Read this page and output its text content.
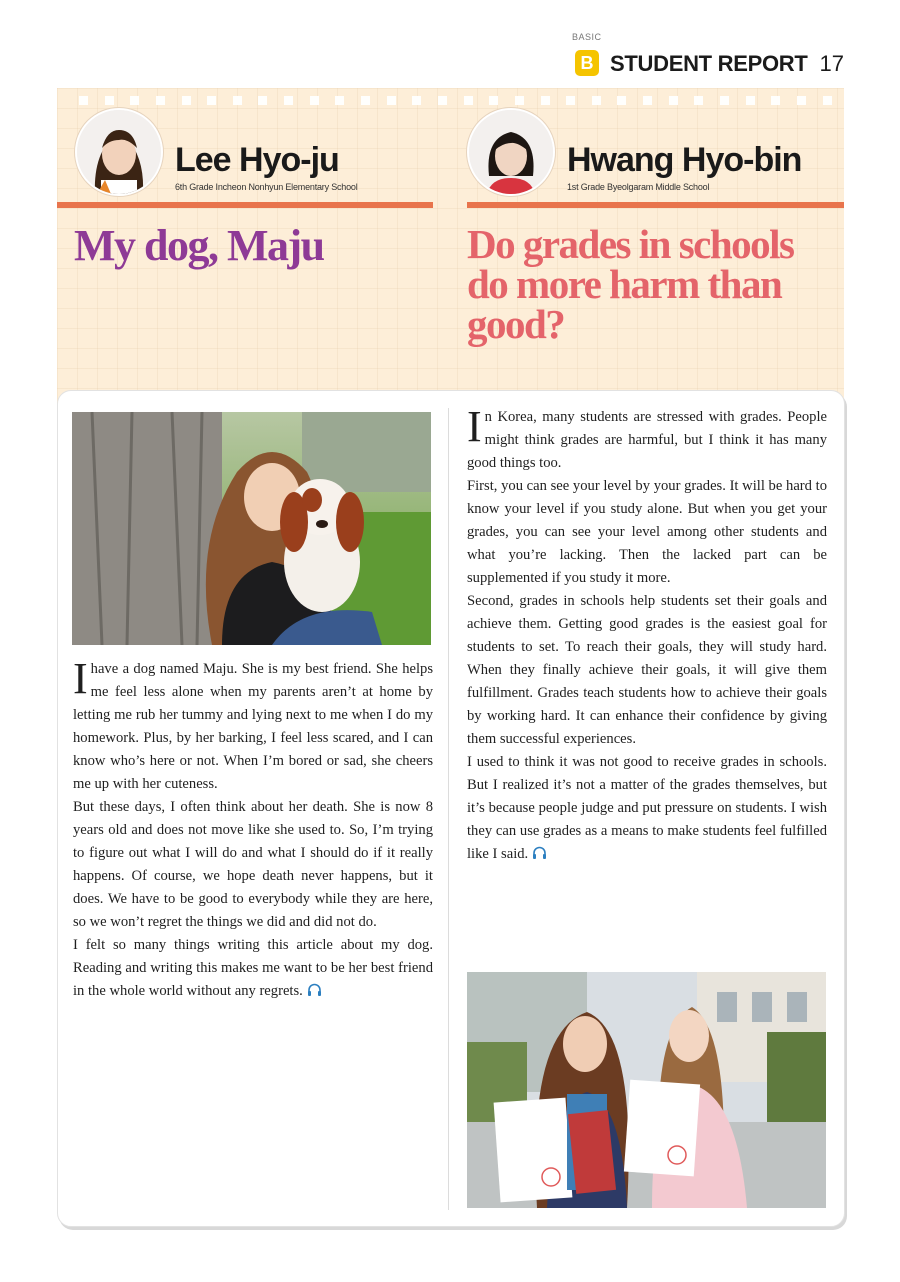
BASIC
B STUDENT REPORT 17
Lee Hyo-ju
6th Grade Incheon Nonhyun Elementary School
Hwang Hyo-bin
1st Grade Byeolgaram Middle School
My dog, Maju	Do grades in schools do more harm than good?

I have a dog named Maju. She is my best friend. She helps me feel less alone when my parents aren’t at home by letting me rub her tummy and lying next to me when I do my homework. Plus, by her barking, I feel less scared, and I can know who’s here or not. When I’m bored or sad, she cheers me up with her cuteness.

But these days, I often think about her death. She is now 8 years old and does not move like she used to. So, I’m trying to figure out what I will do and what I should do if it really happens. Of course, we hope death never happens, but it does. We have to be good to everybody while they are here, so we won’t regret the things we did and did not do.

I felt so many things writing this article about my dog. Reading and writing this makes me want to be her best friend in the whole world without any regrets.

In Korea, many students are stressed with grades. People might think grades are harmful, but I think it has many good things too.

First, you can see your level by your grades. It will be hard to know your level if you study alone. But when you get your grades, you can see your level among other students and what you’re lacking. Then the lacked part can be supplemented if you study it more.

Second, grades in schools help students set their goals and achieve them. Getting good grades is the easiest goal for students to set. To reach their goals, they will study hard. When they finally achieve their goals, it will give them fulfillment. Grades teach students how to achieve their goals by working hard. It can enhance their confidence by giving them successful experiences.

I used to think it was not good to receive grades in schools. But I realized it’s not a matter of the grades themselves, but it’s because people judge and put pressure on students. I wish they can use grades as a means to make students feel fulfilled like I said.
